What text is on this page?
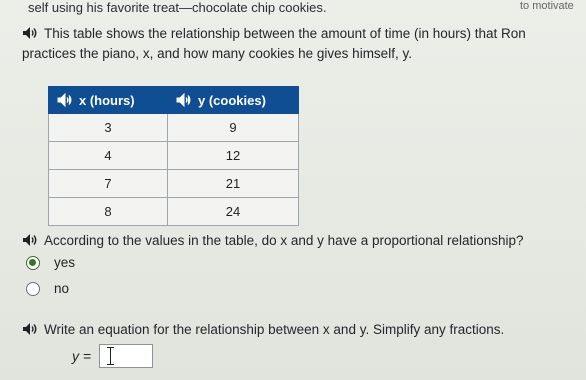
self using his favorite treat—chocolate chip cookies.	to motivate
This table shows the relationship between the amount of time (in hours) that Ron practices the piano, x, and how many cookies he gives himself, y.
x (hours)	y (cookies)
3	9
4	12
7	21
8	24
According to the values in the table, do x and y have a proportional relationship?
yes
no
Write an equation for the relationship between x and y. Simplify any fractions.
y =
